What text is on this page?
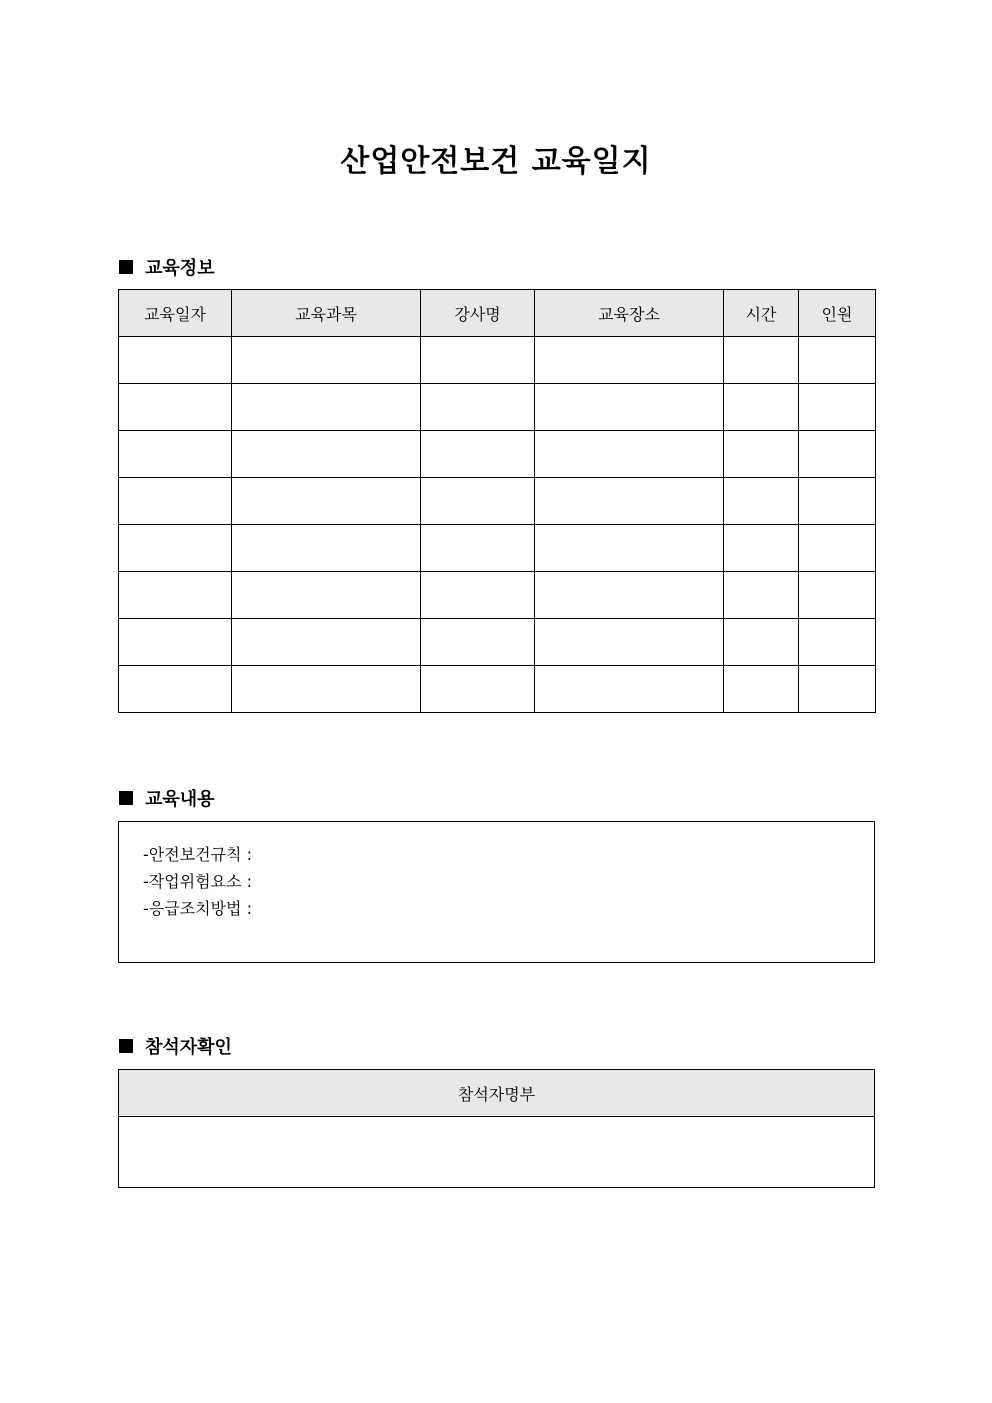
산업안전보건 교육일지
교육정보
교육일자	교육과목	강사명	교육장소	시간	인원

교육내용
-안전보건규칙 :
-작업위험요소 :
-응급조치방법 :
참석자확인
참석자명부
